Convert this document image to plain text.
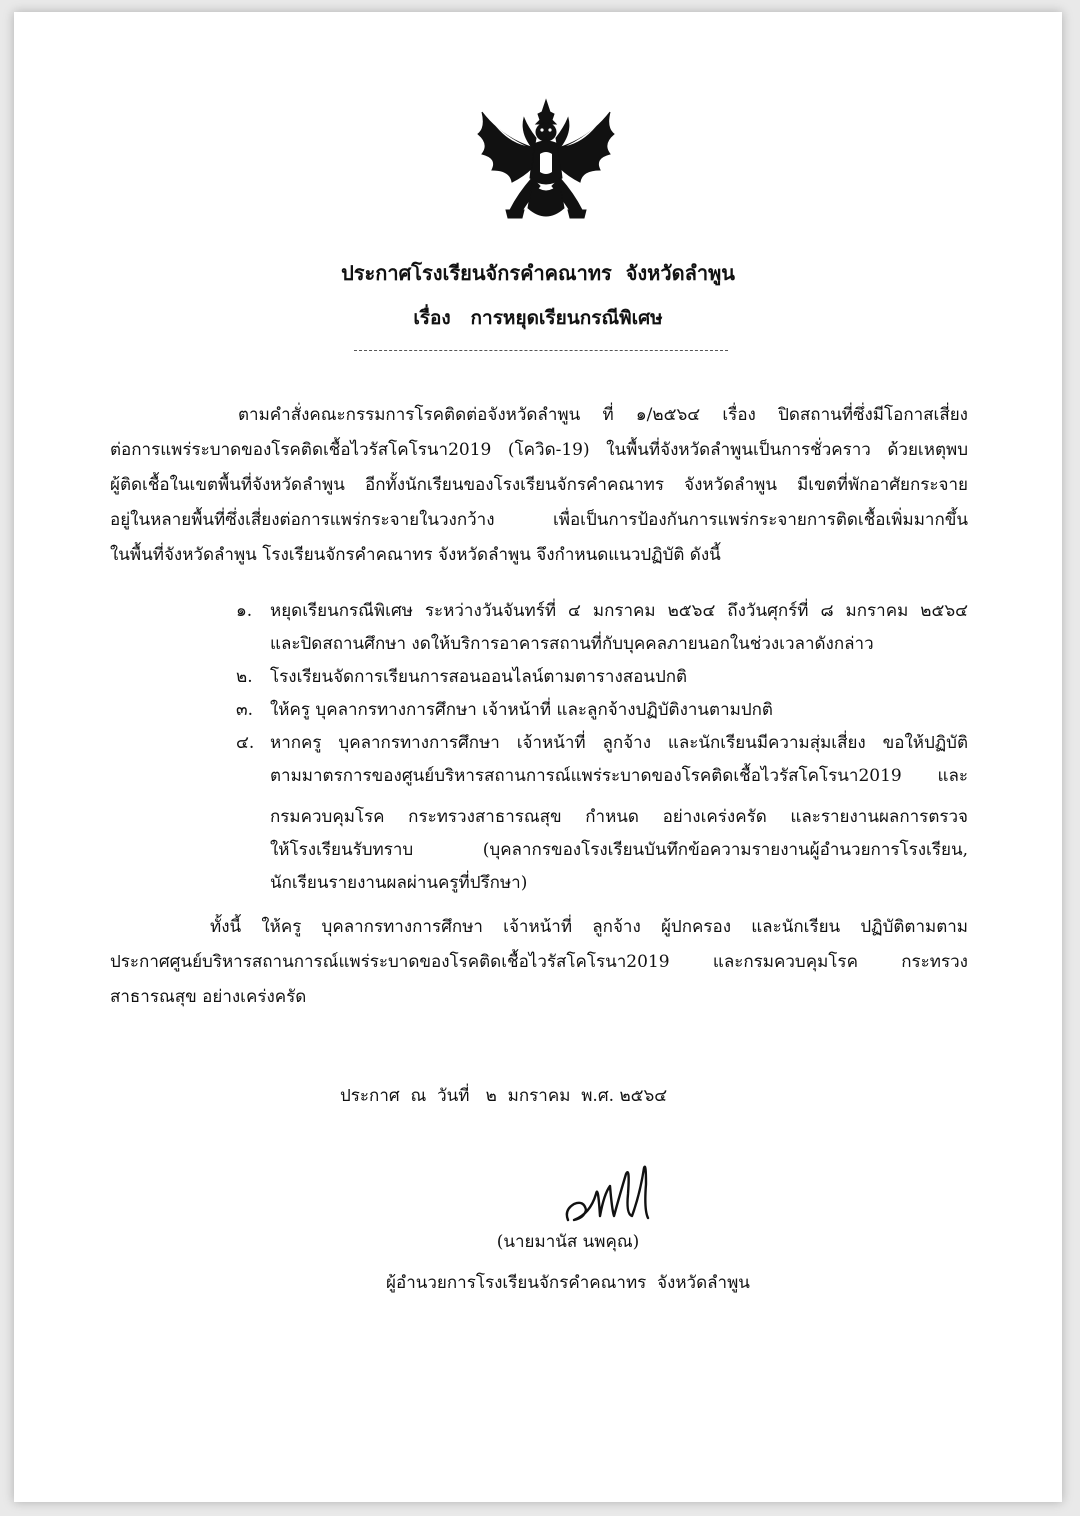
ประกาศโรงเรียนจักรคำคณาทร  จังหวัดลำพูน
เรื่อง   การหยุดเรียนกรณีพิเศษ
ตามคำสั่งคณะกรรมการโรคติดต่อจังหวัดลำพูน ที่ ๑/๒๕๖๔ เรื่อง ปิดสถานที่ซึ่งมีโอกาสเสี่ยง
ต่อการแพร่ระบาดของโรคติดเชื้อไวรัสโคโรนา2019 (โควิด-19) ในพื้นที่จังหวัดลำพูนเป็นการชั่วคราว ด้วยเหตุพบ
ผู้ติดเชื้อในเขตพื้นที่จังหวัดลำพูน อีกทั้งนักเรียนของโรงเรียนจักรคำคณาทร จังหวัดลำพูน มีเขตที่พักอาศัยกระจาย
อยู่ในหลายพื้นที่ซึ่งเสี่ยงต่อการแพร่กระจายในวงกว้าง เพื่อเป็นการป้องกันการแพร่กระจายการติดเชื้อเพิ่มมากขึ้น
ในพื้นที่จังหวัดลำพูน โรงเรียนจักรคำคณาทร จังหวัดลำพูน จึงกำหนดแนวปฏิบัติ ดังนี้
๑. หยุดเรียนกรณีพิเศษ ระหว่างวันจันทร์ที่ ๔ มกราคม ๒๕๖๔ ถึงวันศุกร์ที่ ๘ มกราคม ๒๕๖๔
และปิดสถานศึกษา งดให้บริการอาคารสถานที่กับบุคคลภายนอกในช่วงเวลาดังกล่าว
๒. โรงเรียนจัดการเรียนการสอนออนไลน์ตามตารางสอนปกติ
๓. ให้ครู บุคลากรทางการศึกษา เจ้าหน้าที่ และลูกจ้างปฏิบัติงานตามปกติ
๔. หากครู บุคลากรทางการศึกษา เจ้าหน้าที่ ลูกจ้าง และนักเรียนมีความสุ่มเสี่ยง ขอให้ปฏิบัติ
ตามมาตรการของศูนย์บริหารสถานการณ์แพร่ระบาดของโรคติดเชื้อไวรัสโคโรนา2019 และ
กรมควบคุมโรค กระทรวงสาธารณสุข กำหนด อย่างเคร่งครัด และรายงานผลการตรวจ
ให้โรงเรียนรับทราบ (บุคลากรของโรงเรียนบันทึกข้อความรายงานผู้อำนวยการโรงเรียน,
นักเรียนรายงานผลผ่านครูที่ปรึกษา)
ทั้งนี้ ให้ครู บุคลากรทางการศึกษา เจ้าหน้าที่ ลูกจ้าง ผู้ปกครอง และนักเรียน ปฏิบัติตามตาม
ประกาศศูนย์บริหารสถานการณ์แพร่ระบาดของโรคติดเชื้อไวรัสโคโรนา2019 และกรมควบคุมโรค กระทรวง
สาธารณสุข อย่างเคร่งครัด
ประกาศ  ณ  วันที่   ๒  มกราคม  พ.ศ. ๒๕๖๔
(นายมานัส นพคุณ)
ผู้อำนวยการโรงเรียนจักรคำคณาทร  จังหวัดลำพูน
